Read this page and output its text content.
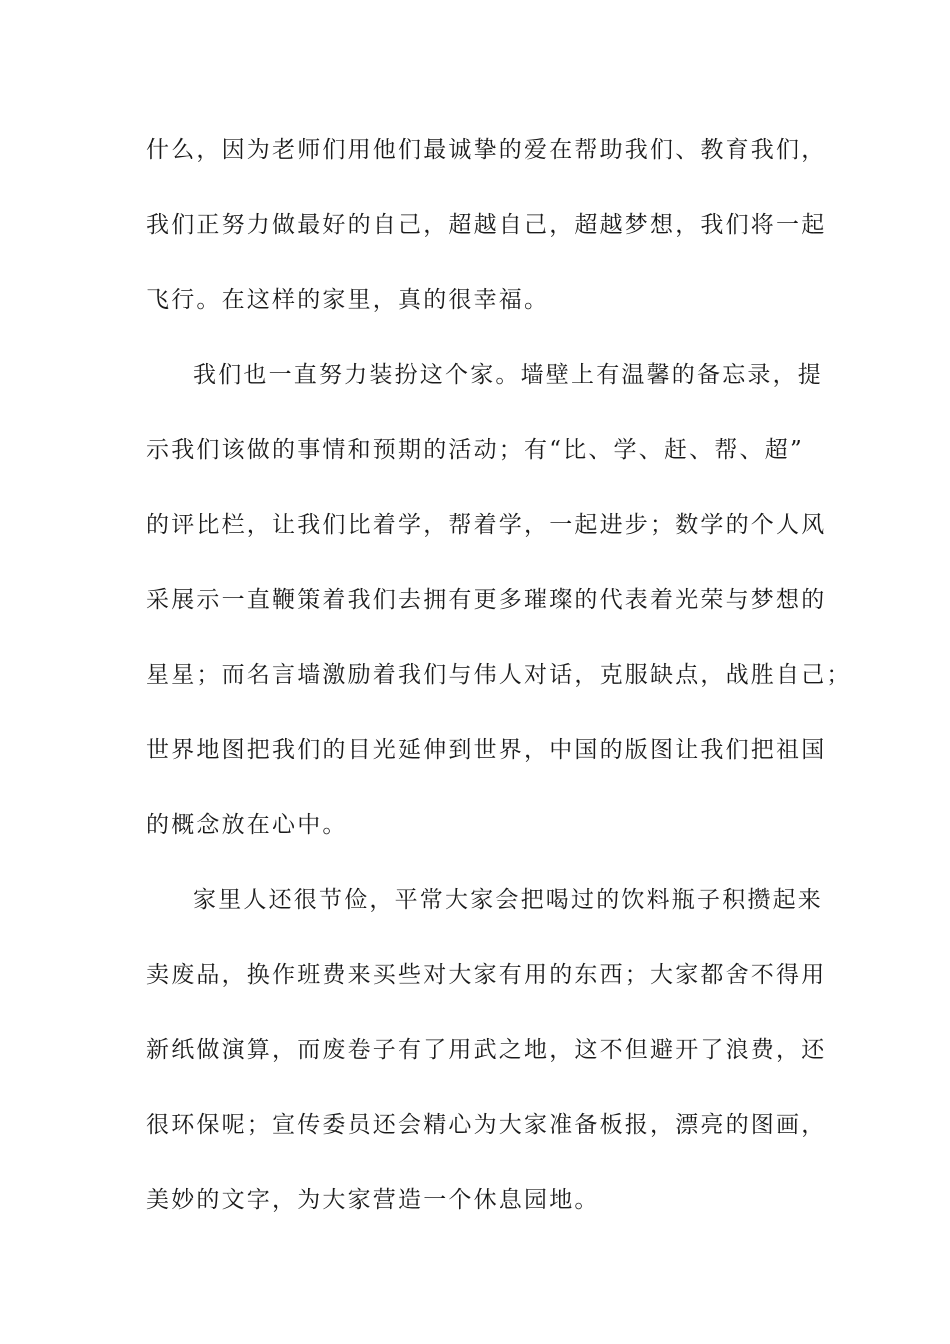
什么，因为老师们用他们最诚挚的爱在帮助我们、教育我们，

我们正努力做最好的自己，超越自己，超越梦想，我们将一起

飞行。在这样的家里，真的很幸福。

我们也一直努力装扮这个家。墙壁上有温馨的备忘录，提

示我们该做的事情和预期的活动；有“比、学、赶、帮、超”

的评比栏，让我们比着学，帮着学，一起进步；数学的个人风

采展示一直鞭策着我们去拥有更多璀璨的代表着光荣与梦想的

星星；而名言墙激励着我们与伟人对话，克服缺点，战胜自己；

世界地图把我们的目光延伸到世界，中国的版图让我们把祖国

的概念放在心中。

家里人还很节俭，平常大家会把喝过的饮料瓶子积攒起来

卖废品，换作班费来买些对大家有用的东西；大家都舍不得用

新纸做演算，而废卷子有了用武之地，这不但避开了浪费，还

很环保呢；宣传委员还会精心为大家准备板报，漂亮的图画，

美妙的文字，为大家营造一个休息园地。
